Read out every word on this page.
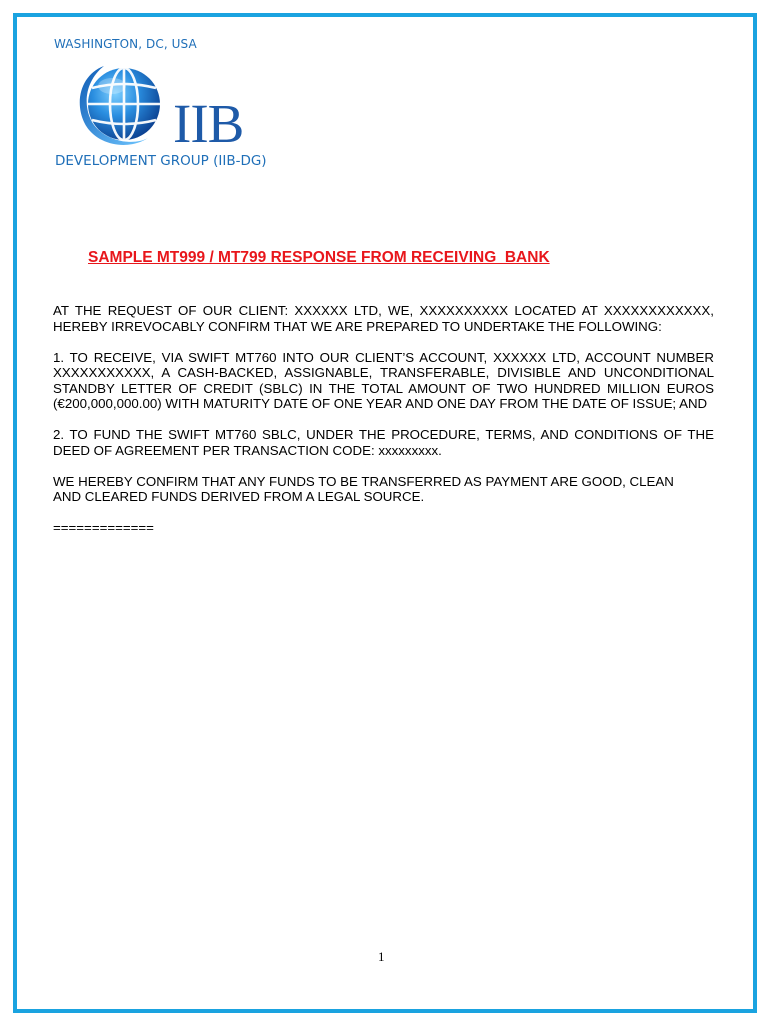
WASHINGTON, DC, USA
IIB
DEVELOPMENT GROUP (IIB-DG)
SAMPLE MT999 / MT799 RESPONSE FROM RECEIVING  BANK

AT THE REQUEST OF OUR CLIENT: XXXXXX LTD, WE, XXXXXXXXXX LOCATED AT XXXXXXXXXXXX, HEREBY IRREVOCABLY CONFIRM THAT WE ARE PREPARED TO UNDERTAKE THE FOLLOWING:

1. TO RECEIVE, VIA SWIFT MT760 INTO OUR CLIENT’S ACCOUNT, XXXXXX LTD, ACCOUNT NUMBER XXXXXXXXXXX, A CASH-BACKED, ASSIGNABLE, TRANSFERABLE, DIVISIBLE AND UNCONDITIONAL STANDBY LETTER OF CREDIT (SBLC) IN THE TOTAL AMOUNT OF TWO HUNDRED MILLION EUROS (€200,000,000.00) WITH MATURITY DATE OF ONE YEAR AND ONE DAY FROM THE DATE OF ISSUE; AND

2. TO FUND THE SWIFT MT760 SBLC, UNDER THE PROCEDURE, TERMS, AND CONDITIONS OF THE DEED OF AGREEMENT PER TRANSACTION CODE: xxxxxxxxx.

WE HEREBY CONFIRM THAT ANY FUNDS TO BE TRANSFERRED AS PAYMENT ARE GOOD, CLEAN

AND CLEARED FUNDS DERIVED FROM A LEGAL SOURCE.

=============

1
